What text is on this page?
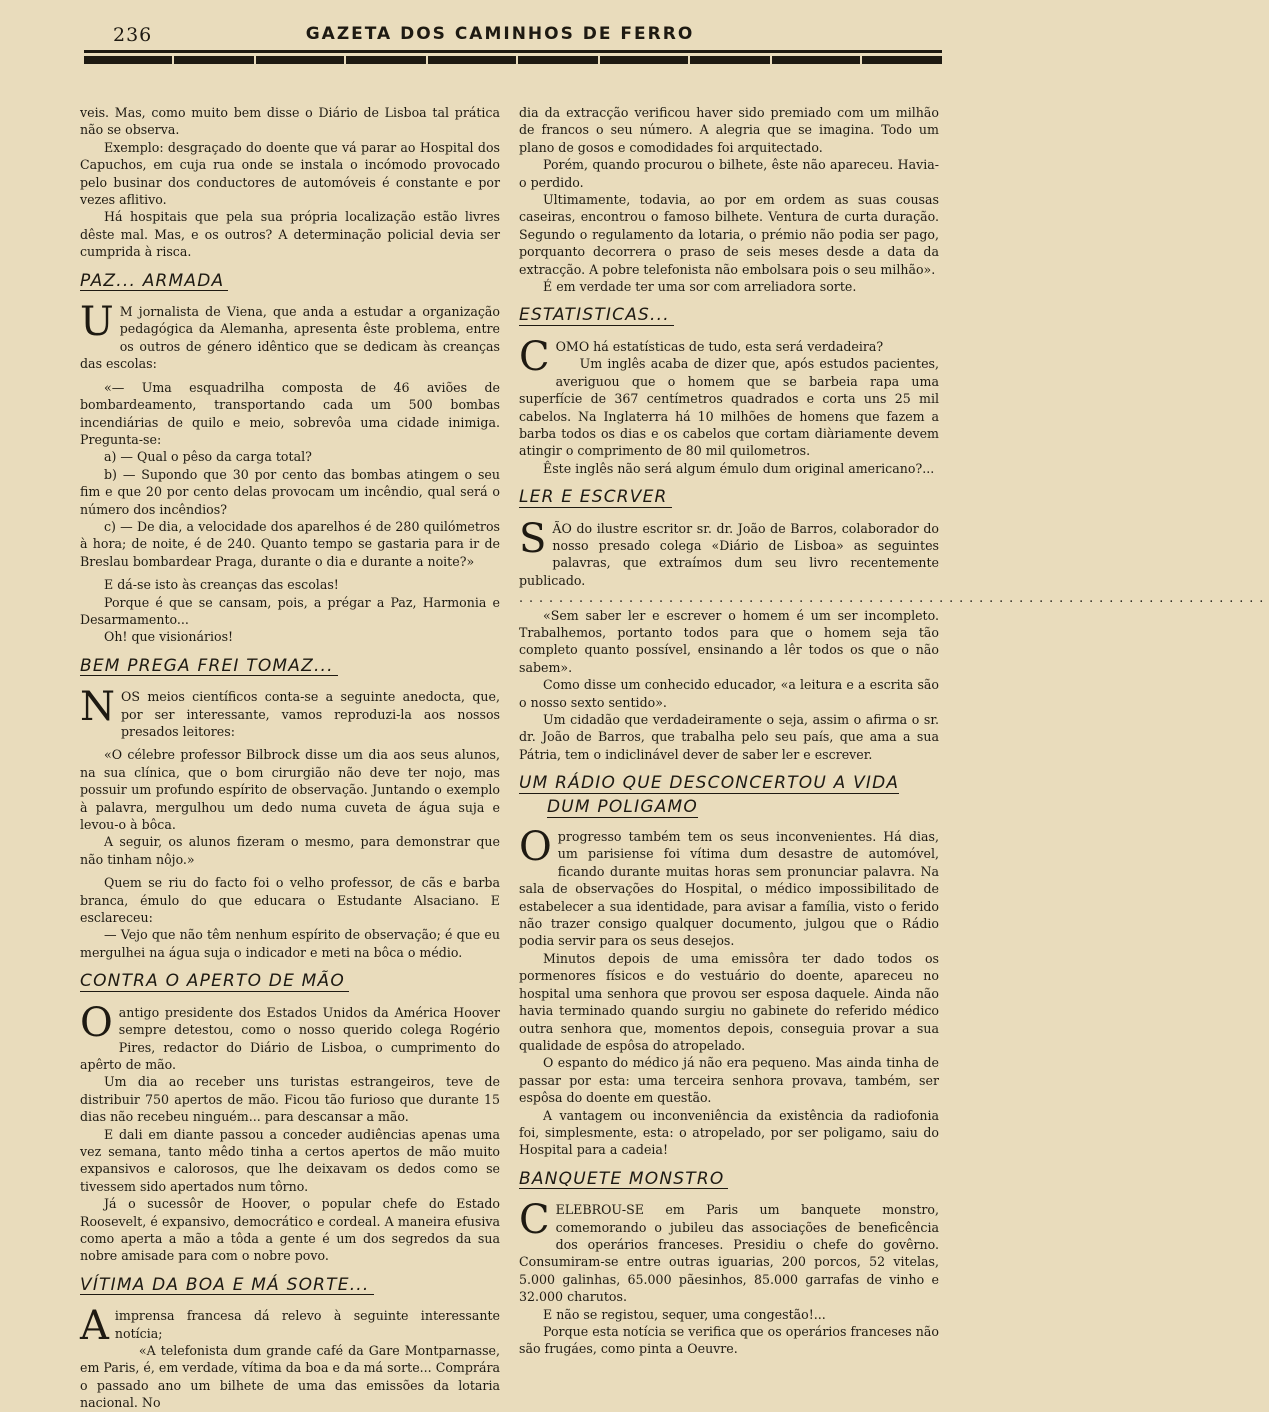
236	GAZETA DOS CAMINHOS DE FERRO

veis. Mas, como muito bem disse o Diário de Lisboa tal prática não se observa.

Exemplo: desgraçado do doente que vá parar ao Hospital dos Capuchos, em cuja rua onde se instala o incómodo provocado pelo businar dos conductores de automóveis é constante e por vezes aflitivo.

Há hospitais que pela sua própria localização estão livres dêste mal. Mas, e os outros? A determinação policial devia ser cumprida à risca.

PAZ... ARMADA

U M jornalista de Viena, que anda a estudar a organização pedagógica da Alemanha, apresenta êste problema, entre os outros de género idêntico que se dedicam às creanças das escolas:

«— Uma esquadrilha composta de 46 aviões de bombardeamento, transportando cada um 500 bombas incendiárias de quilo e meio, sobrevôa uma cidade inimiga. Pregunta-se:

a) — Qual o pêso da carga total?

b) — Supondo que 30 por cento das bombas atingem o seu fim e que 20 por cento delas provocam um incêndio, qual será o número dos incêndios?

c) — De dia, a velocidade dos aparelhos é de 280 quilómetros à hora; de noite, é de 240. Quanto tempo se gastaria para ir de Breslau bombardear Praga, durante o dia e durante a noite?»

E dá-se isto às creanças das escolas!

Porque é que se cansam, pois, a prégar a Paz, Harmonia e Desarmamento...

Oh! que visionários!

BEM PREGA FREI TOMAZ...

NOS meios científicos conta-se a seguinte anedocta, que, por ser interessante, vamos reproduzi-la aos nossos presados leitores:

«O célebre professor Bilbrock disse um dia aos seus alunos, na sua clínica, que o bom cirurgião não deve ter nojo, mas possuir um profundo espírito de observação. Juntando o exemplo à palavra, mergulhou um dedo numa cuveta de água suja e levou-o à bôca.

A seguir, os alunos fizeram o mesmo, para demonstrar que não tinham nôjo.»

Quem se riu do facto foi o velho professor, de cãs e barba branca, émulo do que educara o Estudante Alsaciano. E esclareceu:

— Vejo que não têm nenhum espírito de observação; é que eu mergulhei na água suja o indicador e meti na bôca o médio.

CONTRA O APERTO DE MÃO

Oantigo presidente dos Estados Unidos da América Hoover sempre detestou, como o nosso querido colega Rogério Pires, redactor do Diário de Lisboa, o cumprimento do apêrto de mão.

Um dia ao receber uns turistas estrangeiros, teve de distribuir 750 apertos de mão. Ficou tão furioso que durante 15 dias não recebeu ninguém... para descansar a mão.

E dali em diante passou a conceder audiências apenas uma vez semana, tanto mêdo tinha a certos apertos de mão muito expansivos e calorosos, que lhe deixavam os dedos como se tivessem sido apertados num tôrno.

Já o sucessôr de Hoover, o popular chefe do Estado Roosevelt, é expansivo, democrático e cordeal. A maneira efusiva como aperta a mão a tôda a gente é um dos segredos da sua nobre amisade para com o nobre povo.

VÍTIMA DA BOA E MÁ SORTE...

Aimprensa francesa dá relevo à seguinte interessante notícia;

«A telefonista dum grande café da Gare Montparnasse, em Paris, é, em verdade, vítima da boa e da má sorte... Comprára o passado ano um bilhete de uma das emissões da lotaria nacional. No

dia da extracção verificou haver sido premiado com um milhão de francos o seu número. A alegria que se imagina. Todo um plano de gosos e comodidades foi arquitectado.

Porém, quando procurou o bilhete, êste não apareceu. Havia-o perdido.

Ultimamente, todavia, ao por em ordem as suas cousas caseiras, encontrou o famoso bilhete. Ventura de curta duração. Segundo o regulamento da lotaria, o prémio não podia ser pago, porquanto decorrera o praso de seis meses desde a data da extracção. A pobre telefonista não embolsara pois o seu milhão».

É em verdade ter uma sor com arreliadora sorte.

ESTATISTICAS...

COMO há estatísticas de tudo, esta será verdadeira?

Um inglês acaba de dizer que, após estudos pacientes, averiguou que o homem que se barbeia rapa uma superfície de 367 centímetros quadrados e corta uns 25 mil cabelos. Na Inglaterra há 10 milhões de homens que fazem a barba todos os dias e os cabelos que cortam diàriamente devem atingir o comprimento de 80 mil quilometros.

Êste inglês não será algum émulo dum original americano?...

LER E ESCRVER

SÃO do ilustre escritor sr. dr. João de Barros, colaborador do nosso presado colega «Diário de Lisboa» as seguintes palavras, que extraímos dum seu livro recentemente publicado.

...........................................................................

«Sem saber ler e escrever o homem é um ser incompleto. Trabalhemos, portanto todos para que o homem seja tão completo quanto possível, ensinando a lêr todos os que o não sabem».

Como disse um conhecido educador, «a leitura e a escrita são o nosso sexto sentido».

Um cidadão que verdadeiramente o seja, assim o afirma o sr. dr. João de Barros, que trabalha pelo seu país, que ama a sua Pátria, tem o indiclinável dever de saber ler e escrever.

UM RÁDIO QUE DESCONCERTOU A VIDA
DUM POLIGAMO

Oprogresso também tem os seus inconvenientes. Há dias, um parisiense foi vítima dum desastre de automóvel, ficando durante muitas horas sem pronunciar palavra. Na sala de observações do Hospital, o médico impossibilitado de estabelecer a sua identidade, para avisar a família, visto o ferido não trazer consigo qualquer documento, julgou que o Rádio podia servir para os seus desejos.

Minutos depois de uma emissôra ter dado todos os pormenores físicos e do vestuário do doente, apareceu no hospital uma senhora que provou ser esposa daquele. Ainda não havia terminado quando surgiu no gabinete do referido médico outra senhora que, momentos depois, conseguia provar a sua qualidade de espôsa do atropelado.

O espanto do médico já não era pequeno. Mas ainda tinha de passar por esta: uma terceira senhora provava, também, ser espôsa do doente em questão.

A vantagem ou inconveniência da existência da radiofonia foi, simplesmente, esta: o atropelado, por ser poligamo, saiu do Hospital para a cadeia!

BANQUETE MONSTRO

CELEBROU-SE em Paris um banquete monstro, comemorando o jubileu das associações de beneficência dos operários franceses. Presidiu o chefe do govêrno. Consumiram-se entre outras iguarias, 200 porcos, 52 vitelas, 5.000 galinhas, 65.000 pãesinhos, 85.000 garrafas de vinho e 32.000 charutos.

E não se registou, sequer, uma congestão!...

Porque esta notícia se verifica que os operários franceses não são frugáes, como pinta a Oeuvre.
